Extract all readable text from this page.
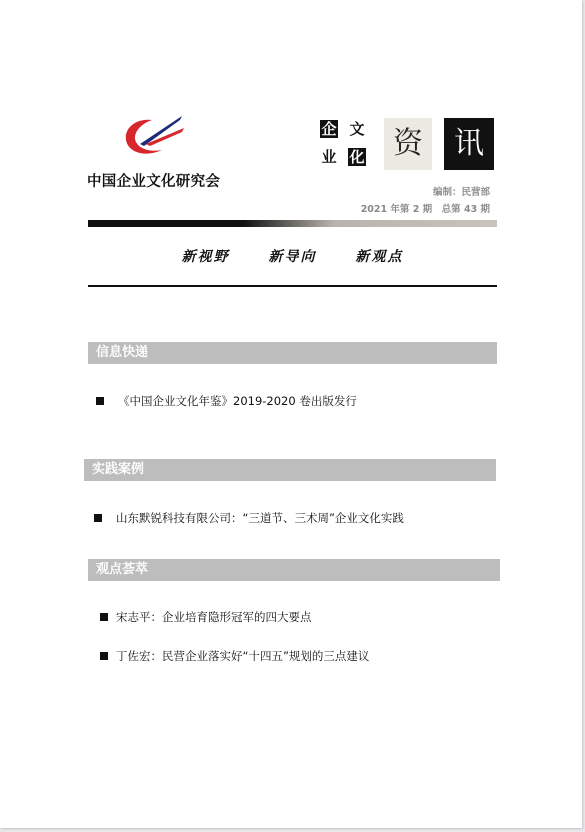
中国企业文化研究会
企 文
业 化 资	讯
编制：民营部
2021 年第 2 期　总第 43 期
新视野	新导向	新观点
信息快递
《中国企业文化年鉴》2019-2020 卷出版发行
实践案例
山东默锐科技有限公司：“三道节、三术周”企业文化实践
观点荟萃
宋志平：企业培育隐形冠军的四大要点
丁佐宏：民营企业落实好“十四五”规划的三点建议
